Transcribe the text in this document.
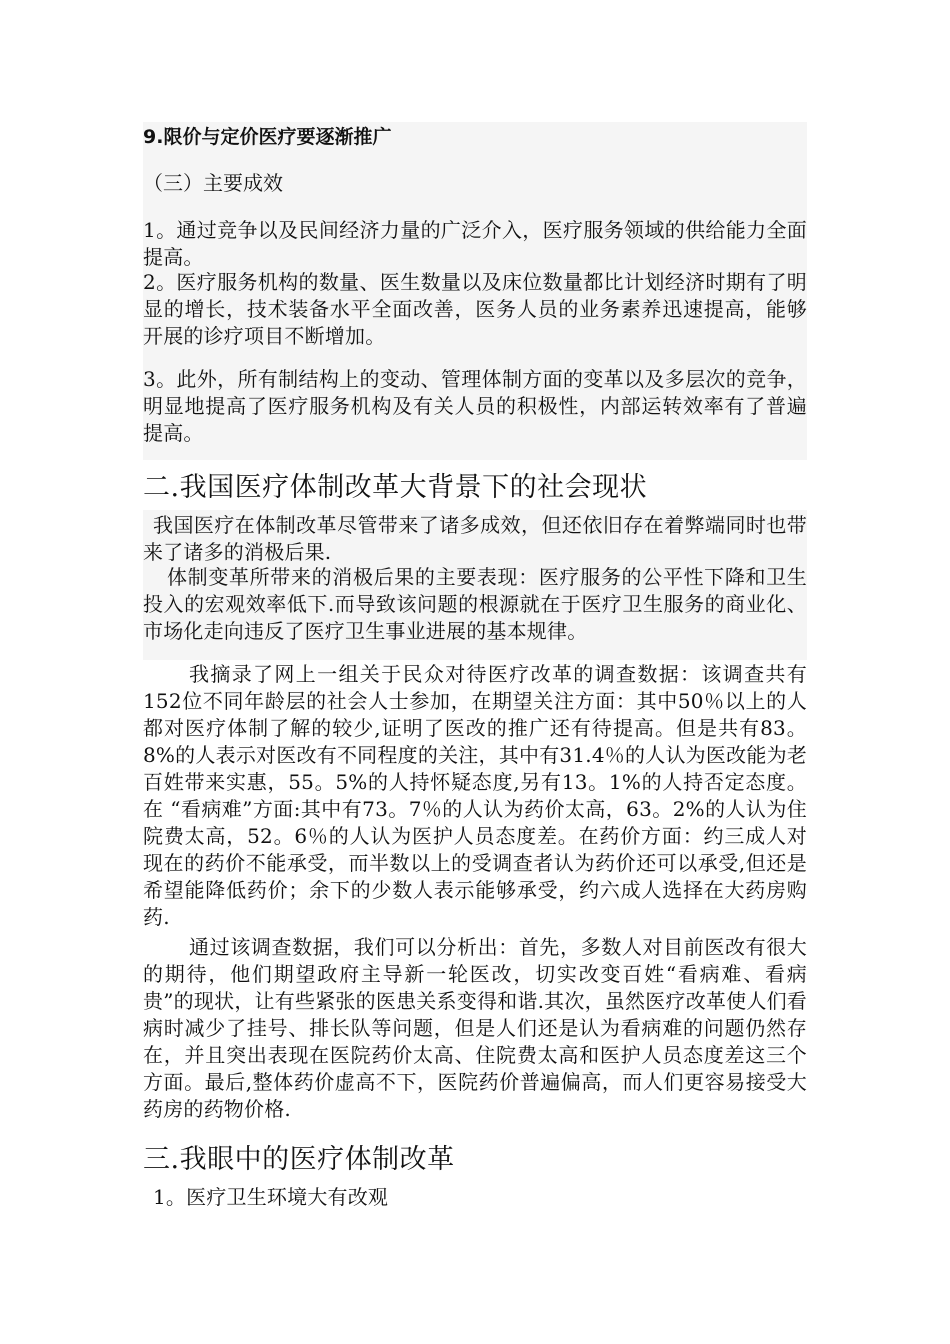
9.限价与定价医疗要逐渐推广

（三）主要成效

1。通过竞争以及民间经济力量的广泛介入，医疗服务领域的供给能力全面提高。

2。医疗服务机构的数量、医生数量以及床位数量都比计划经济时期有了明显的增长，技术装备水平全面改善，医务人员的业务素养迅速提高，能够开展的诊疗项目不断增加。

3。此外，所有制结构上的变动、管理体制方面的变革以及多层次的竞争，明显地提高了医疗服务机构及有关人员的积极性，内部运转效率有了普遍提高。

二.我国医疗体制改革大背景下的社会现状

我国医疗在体制改革尽管带来了诸多成效，但还依旧存在着弊端同时也带来了诸多的消极后果.

体制变革所带来的消极后果的主要表现：医疗服务的公平性下降和卫生投入的宏观效率低下.而导致该问题的根源就在于医疗卫生服务的商业化、市场化走向违反了医疗卫生事业进展的基本规律。

我摘录了网上一组关于民众对待医疗改革的调查数据：该调查共有152位不同年龄层的社会人士参加，在期望关注方面：其中50％以上的人都对医疗体制了解的较少,证明了医改的推广还有待提高。但是共有83。8%的人表示对医改有不同程度的关注，其中有31.4％的人认为医改能为老百姓带来实惠，55。5%的人持怀疑态度,另有13。1%的人持否定态度。在 “看病难”方面:其中有73。7％的人认为药价太高，63。2%的人认为住院费太高，52。6％的人认为医护人员态度差。在药价方面：约三成人对现在的药价不能承受，而半数以上的受调查者认为药价还可以承受,但还是希望能降低药价；余下的少数人表示能够承受，约六成人选择在大药房购药.

通过该调查数据，我们可以分析出：首先，多数人对目前医改有很大的期待，他们期望政府主导新一轮医改，切实改变百姓“看病难、看病贵”的现状，让有些紧张的医患关系变得和谐.其次，虽然医疗改革使人们看病时减少了挂号、排长队等问题，但是人们还是认为看病难的问题仍然存在，并且突出表现在医院药价太高、住院费太高和医护人员态度差这三个方面。最后,整体药价虚高不下，医院药价普遍偏高，而人们更容易接受大药房的药物价格.

三.我眼中的医疗体制改革

1。医疗卫生环境大有改观
